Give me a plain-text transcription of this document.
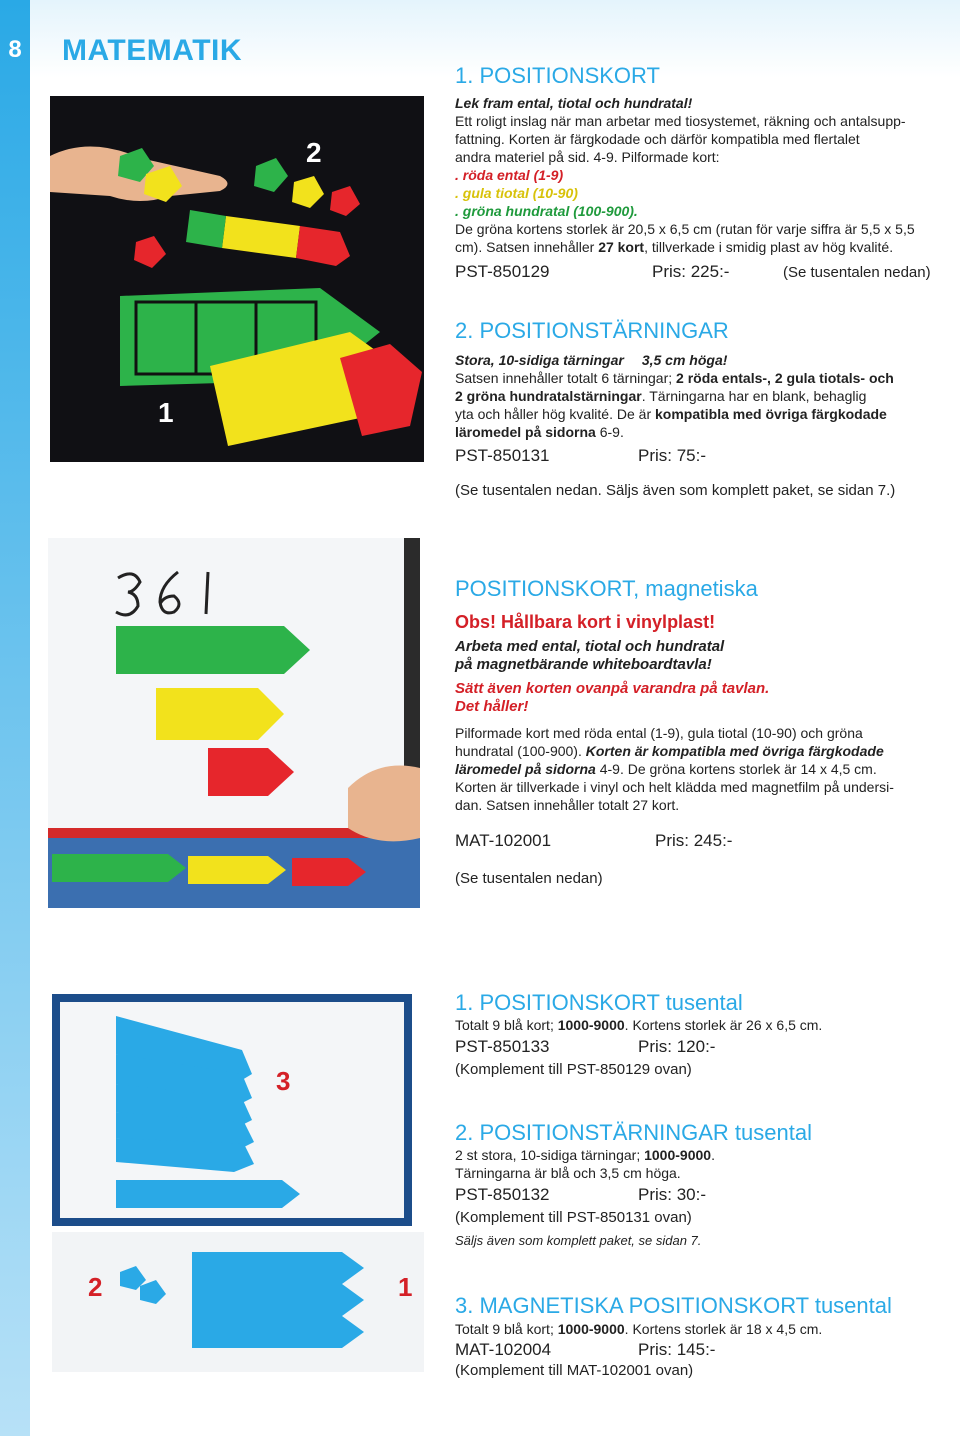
8 MATEMATIK
2
1
3
2	1
1. POSITIONSKORT

Lek fram ental, tiotal och hundratal!

Ett roligt inslag när man arbetar med tiosystemet, räkning och antalsupp-

fattning. Korten är färgkodade och därför kompatibla med flertalet

andra materiel på sid. 4-9. Pilformade kort:

. röda ental (1-9)

. gula tiotal (10-90)

. gröna hundratal (100-900).

De gröna kortens storlek är 20,5 x 6,5 cm (rutan för varje siffra är 5,5 x 5,5

cm). Satsen innehåller 27 kort, tillverkade i smidig plast av hög kvalité.

PST-850129	Pris: 225:-	(Se tusentalen nedan)
2. POSITIONSTÄRNINGAR

Stora, 10-sidiga tärningar 3,5 cm höga!

Satsen innehåller totalt 6 tärningar; 2 röda entals-, 2 gula tiotals- och

2 gröna hundratalstärningar. Tärningarna har en blank, behaglig

yta och håller hög kvalité. De är kompatibla med övriga färgkodade

läromedel på sidorna 6-9.

PST-850131	Pris: 75:-
(Se tusentalen nedan. Säljs även som komplett paket, se sidan 7.)
POSITIONSKORT, magnetiska

Obs! Hållbara kort i vinylplast!

Arbeta med ental, tiotal och hundratal

på magnetbärande whiteboardtavla!

Sätt även korten ovanpå varandra på tavlan.

Det håller!

Pilformade kort med röda ental (1-9), gula tiotal (10-90) och gröna

hundratal (100-900). Korten är kompatibla med övriga färgkodade

läromedel på sidorna 4-9. De gröna kortens storlek är 14 x 4,5 cm.

Korten är tillverkade i vinyl och helt klädda med magnetfilm på undersi-

dan. Satsen innehåller totalt 27 kort.

MAT-102001	Pris: 245:-
(Se tusentalen nedan)
1. POSITIONSKORT tusental

Totalt 9 blå kort; 1000-9000. Kortens storlek är 26 x 6,5 cm.

PST-850133	Pris: 120:-
(Komplement till PST-850129 ovan)
2. POSITIONSTÄRNINGAR tusental

2 st stora, 10-sidiga tärningar; 1000-9000.

Tärningarna är blå och 3,5 cm höga.

PST-850132	Pris: 30:-
(Komplement till PST-850131 ovan)
Säljs även som komplett paket, se sidan 7.
3. MAGNETISKA POSITIONSKORT tusental

Totalt 9 blå kort; 1000-9000. Kortens storlek är 18 x 4,5 cm.

MAT-102004	Pris: 145:-
(Komplement till MAT-102001 ovan)
